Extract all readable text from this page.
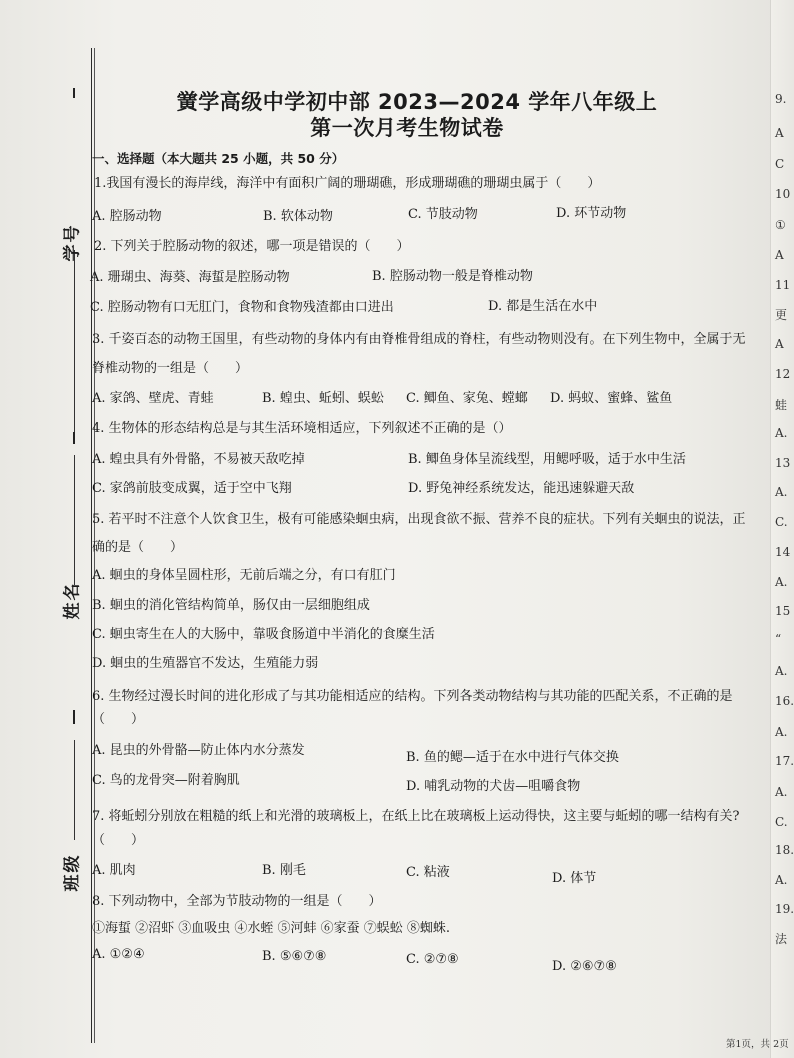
学号
姓名
班级
黉学高级中学初中部 2023—2024 学年八年级上
第一次月考生物试卷
一、选择题（本大题共 25 小题，共 50 分）
1.我国有漫长的海岸线，海洋中有面积广阔的珊瑚礁，形成珊瑚礁的珊瑚虫属于（　　）
A. 腔肠动物	B. 软体动物	C. 节肢动物	D. 环节动物
2. 下列关于腔肠动物的叙述，哪一项是错误的（　　）
A. 珊瑚虫、海葵、海蜇是腔肠动物	B. 腔肠动物一般是脊椎动物
C. 腔肠动物有口无肛门，食物和食物残渣都由口进出	D. 都是生活在水中
3. 千姿百态的动物王国里，有些动物的身体内有由脊椎骨组成的脊柱，有些动物则没有。在下列生物中，全属于无
脊椎动物的一组是（　　）
A. 家鸽、壁虎、青蛙	B. 蝗虫、蚯蚓、蜈蚣 C. 鲫鱼、家兔、螳螂 D. 蚂蚁、蜜蜂、鲨鱼
4. 生物体的形态结构总是与其生活环境相适应，下列叙述不正确的是（）
A. 蝗虫具有外骨骼，不易被天敌吃掉	B. 鲫鱼身体呈流线型，用鳃呼吸，适于水中生活
C. 家鸽前肢变成翼，适于空中飞翔	D. 野兔神经系统发达，能迅速躲避天敌
5. 若平时不注意个人饮食卫生，极有可能感染蛔虫病，出现食欲不振、营养不良的症状。下列有关蛔虫的说法，正
确的是（　　）
A. 蛔虫的身体呈圆柱形，无前后端之分，有口有肛门
B. 蛔虫的消化管结构简单，肠仅由一层细胞组成
C. 蛔虫寄生在人的大肠中，靠吸食肠道中半消化的食糜生活
D. 蛔虫的生殖器官不发达，生殖能力弱
6. 生物经过漫长时间的进化形成了与其功能相适应的结构。下列各类动物结构与其功能的匹配关系，不正确的是
（　　）
A. 昆虫的外骨骼—防止体内水分蒸发	B. 鱼的鳃—适于在水中进行气体交换
C. 鸟的龙骨突—附着胸肌	D. 哺乳动物的犬齿—咀嚼食物
7. 将蚯蚓分别放在粗糙的纸上和光滑的玻璃板上，在纸上比在玻璃板上运动得快，这主要与蚯蚓的哪一结构有关?
（　　）
A. 肌肉	B. 刚毛	C. 粘液	D. 体节
8. 下列动物中，全部为节肢动物的一组是（　　）
①海蜇 ②沼虾 ③血吸虫 ④水蛭 ⑤河蚌 ⑥家蚕 ⑦蜈蚣 ⑧蜘蛛.
A. ①②④	B. ⑤⑥⑦⑧	C. ②⑦⑧	D. ②⑥⑦⑧
9.
A
C
10
①
A
11
更
A
12
蛙
A.
13
A.
C.
14
A.
15
“
A.
16.
A.
17.
A.
C.
18.
A.
19.
法
第1页，共 2页
